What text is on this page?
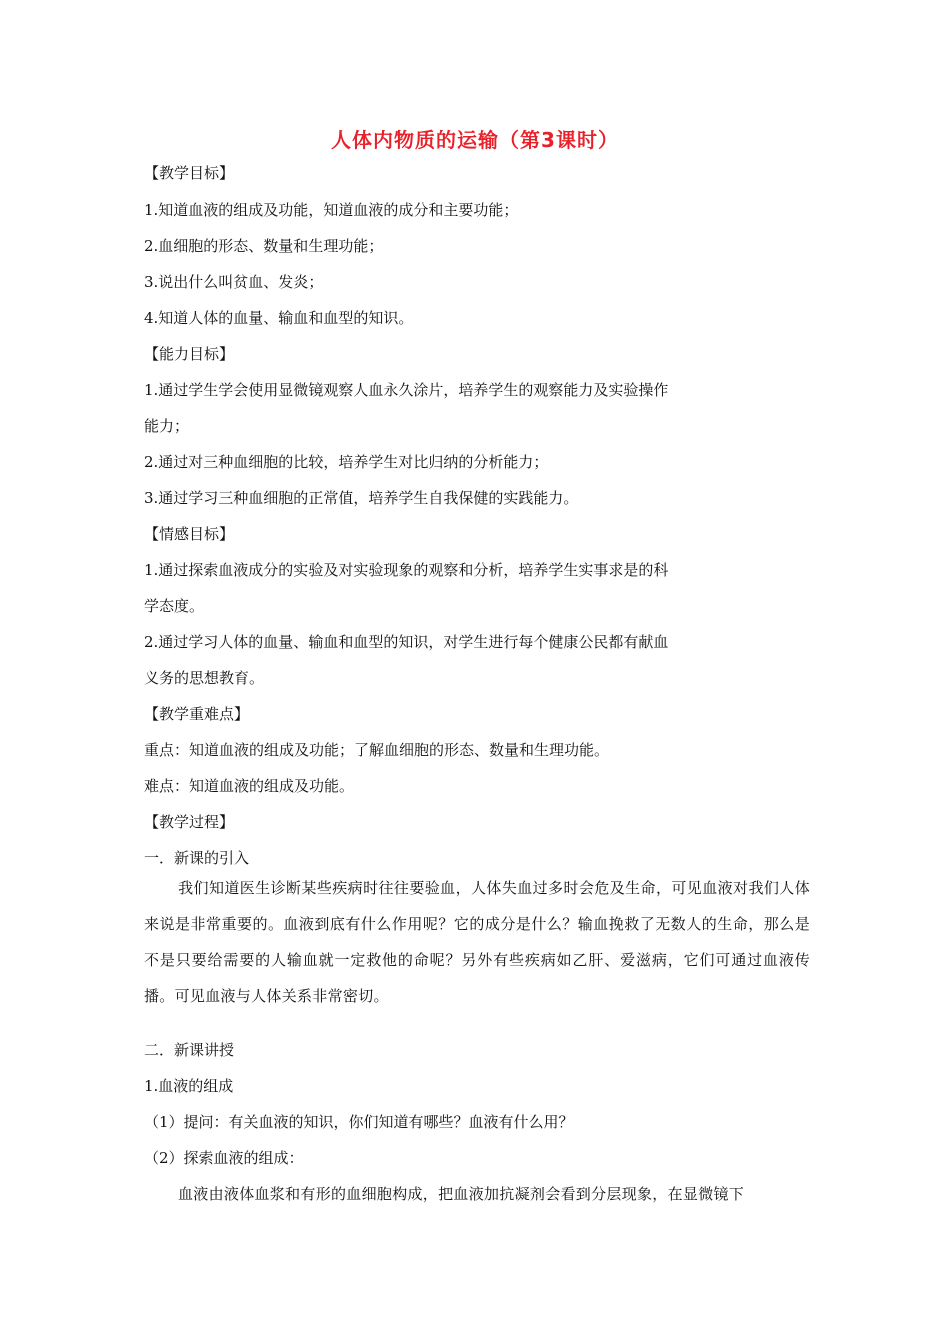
人体内物质的运输（第3课时）
【教学目标】
1.知道血液的组成及功能，知道血液的成分和主要功能；
2.血细胞的形态、数量和生理功能；
3.说出什么叫贫血、发炎；
4.知道人体的血量、输血和血型的知识。
【能力目标】
1.通过学生学会使用显微镜观察人血永久涂片，培养学生的观察能力及实验操作
能力；
2.通过对三种血细胞的比较，培养学生对比归纳的分析能力；
3.通过学习三种血细胞的正常值，培养学生自我保健的实践能力。
【情感目标】
1.通过探索血液成分的实验及对实验现象的观察和分析，培养学生实事求是的科
学态度。
2.通过学习人体的血量、输血和血型的知识，对学生进行每个健康公民都有献血
义务的思想教育。
【教学重难点】
重点：知道血液的组成及功能；了解血细胞的形态、数量和生理功能。
难点：知道血液的组成及功能。
【教学过程】
一．新课的引入
我们知道医生诊断某些疾病时往往要验血，人体失血过多时会危及生命，可见血液对我们人体来说是非常重要的。血液到底有什么作用呢？它的成分是什么？输血挽救了无数人的生命，那么是不是只要给需要的人输血就一定救他的命呢？另外有些疾病如乙肝、爱滋病，它们可通过血液传播。可见血液与人体关系非常密切。
二．新课讲授
1.血液的组成
（1）提问：有关血液的知识，你们知道有哪些？血液有什么用？
（2）探索血液的组成：
血液由液体血浆和有形的血细胞构成，把血液加抗凝剂会看到分层现象，在显微镜下
